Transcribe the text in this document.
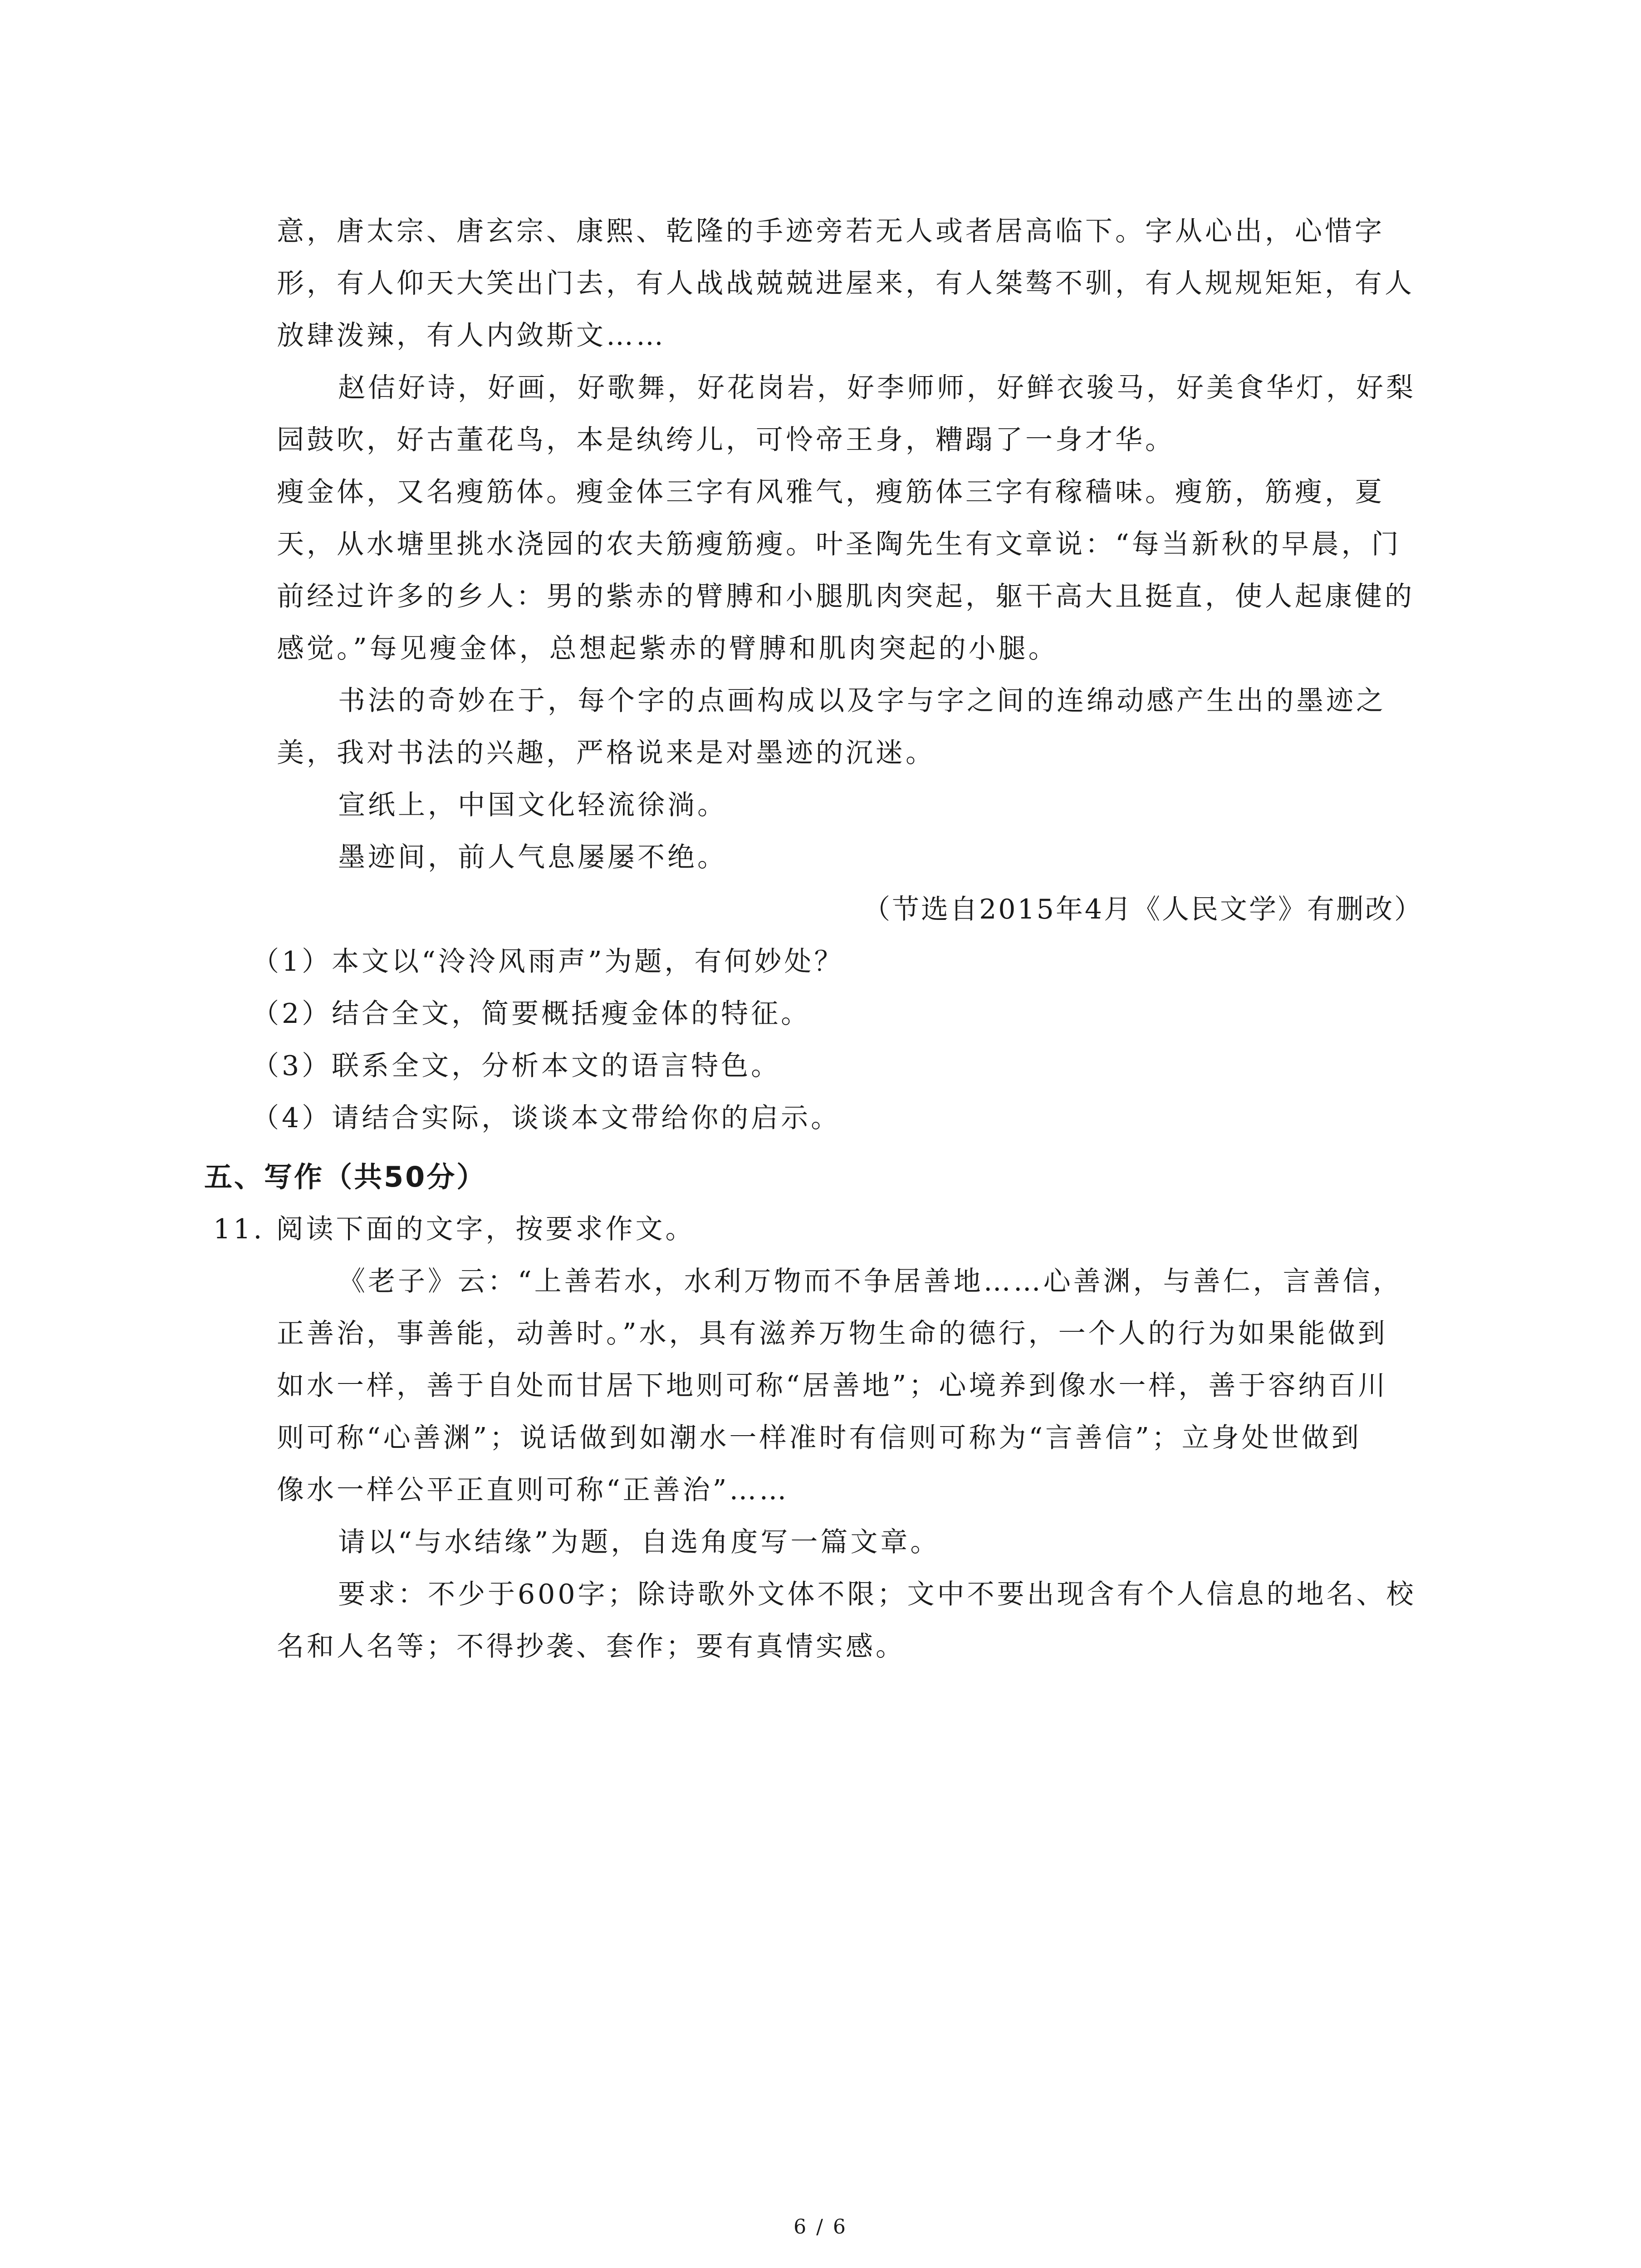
意，唐太宗、唐玄宗、康熙、乾隆的手迹旁若无人或者居高临下。字从心出，心惜字
形，有人仰天大笑出门去，有人战战兢兢进屋来，有人桀骜不驯，有人规规矩矩，有人
放肆泼辣，有人内敛斯文……
赵佶好诗，好画，好歌舞，好花岗岩，好李师师，好鲜衣骏马，好美食华灯，好梨
园鼓吹，好古董花鸟，本是纨绔儿，可怜帝王身，糟蹋了一身才华。
瘦金体，又名瘦筋体。瘦金体三字有风雅气，瘦筋体三字有稼穑味。瘦筋，筋瘦，夏
天，从水塘里挑水浇园的农夫筋瘦筋瘦。叶圣陶先生有文章说：“每当新秋的早晨，门
前经过许多的乡人：男的紫赤的臂膊和小腿肌肉突起，躯干高大且挺直，使人起康健的
感觉。”每见瘦金体，总想起紫赤的臂膊和肌肉突起的小腿。
书法的奇妙在于，每个字的点画构成以及字与字之间的连绵动感产生出的墨迹之
美，我对书法的兴趣，严格说来是对墨迹的沉迷。
宣纸上，中国文化轻流徐淌。
墨迹间，前人气息屡屡不绝。
（节选自2015年4月《人民文学》有删改）
（1）本文以“泠泠风雨声”为题，有何妙处？
（2）结合全文，简要概括瘦金体的特征。
（3）联系全文，分析本文的语言特色。
（4）请结合实际，谈谈本文带给你的启示。
五、写作（共50分）
11. 阅读下面的文字，按要求作文。
《老子》云：“上善若水，水利万物而不争居善地……心善渊，与善仁，言善信，
正善治，事善能，动善时。”水，具有滋养万物生命的德行，一个人的行为如果能做到
如水一样，善于自处而甘居下地则可称“居善地”；心境养到像水一样，善于容纳百川
则可称“心善渊”；说话做到如潮水一样准时有信则可称为“言善信”；立身处世做到
像水一样公平正直则可称“正善治”……
请以“与水结缘”为题，自选角度写一篇文章。
要求：不少于600字；除诗歌外文体不限；文中不要出现含有个人信息的地名、校
名和人名等；不得抄袭、套作；要有真情实感。
6 / 6
